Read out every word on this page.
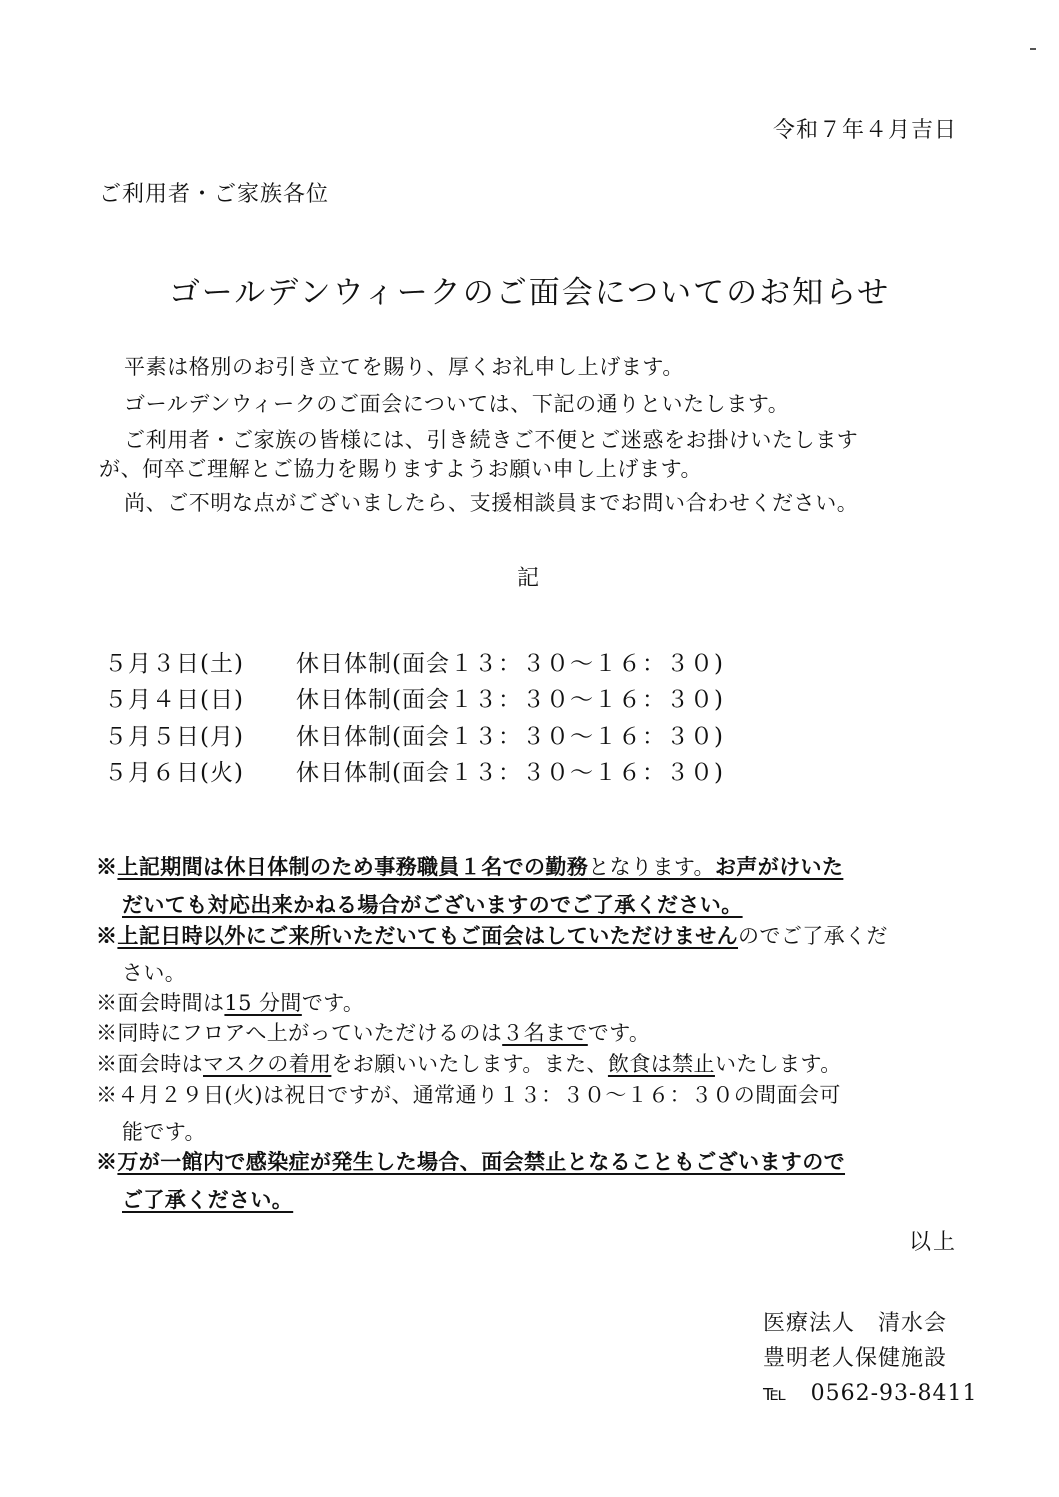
令和７年４月吉日
ご利用者・ご家族各位
ゴールデンウィークのご面会についてのお知らせ
平素は格別のお引き立てを賜り、厚くお礼申し上げます。
ゴールデンウィークのご面会については、下記の通りといたします。
ご利用者・ご家族の皆様には、引き続きご不便とご迷惑をお掛けいたします
が、何卒ご理解とご協力を賜りますようお願い申し上げます。
尚、ご不明な点がございましたら、支援相談員までお問い合わせください。
記
５月３日(土) 休日体制(面会１３：３０～１６：３０)
５月４日(日) 休日体制(面会１３：３０～１６：３０)
５月５日(月) 休日体制(面会１３：３０～１６：３０)
５月６日(火) 休日体制(面会１３：３０～１６：３０)
※上記期間は休日体制のため事務職員１名での勤務となります。お声がけいた
だいても対応出来かねる場合がございますのでご了承ください。
※上記日時以外にご来所いただいてもご面会はしていただけませんのでご了承くだ
さい。
※面会時間は15 分間です。
※同時にフロアへ上がっていただけるのは３名までです。
※面会時はマスクの着用をお願いいたします。また、飲食は禁止いたします。
※４月２９日(火)は祝日ですが、通常通り１３：３０～１６：３０の間面会可
能です。
※万が一館内で感染症が発生した場合、面会禁止となることもございますので
ご了承ください。
以上
医療法人　清水会
豊明老人保健施設
℡　0562-93-8411
